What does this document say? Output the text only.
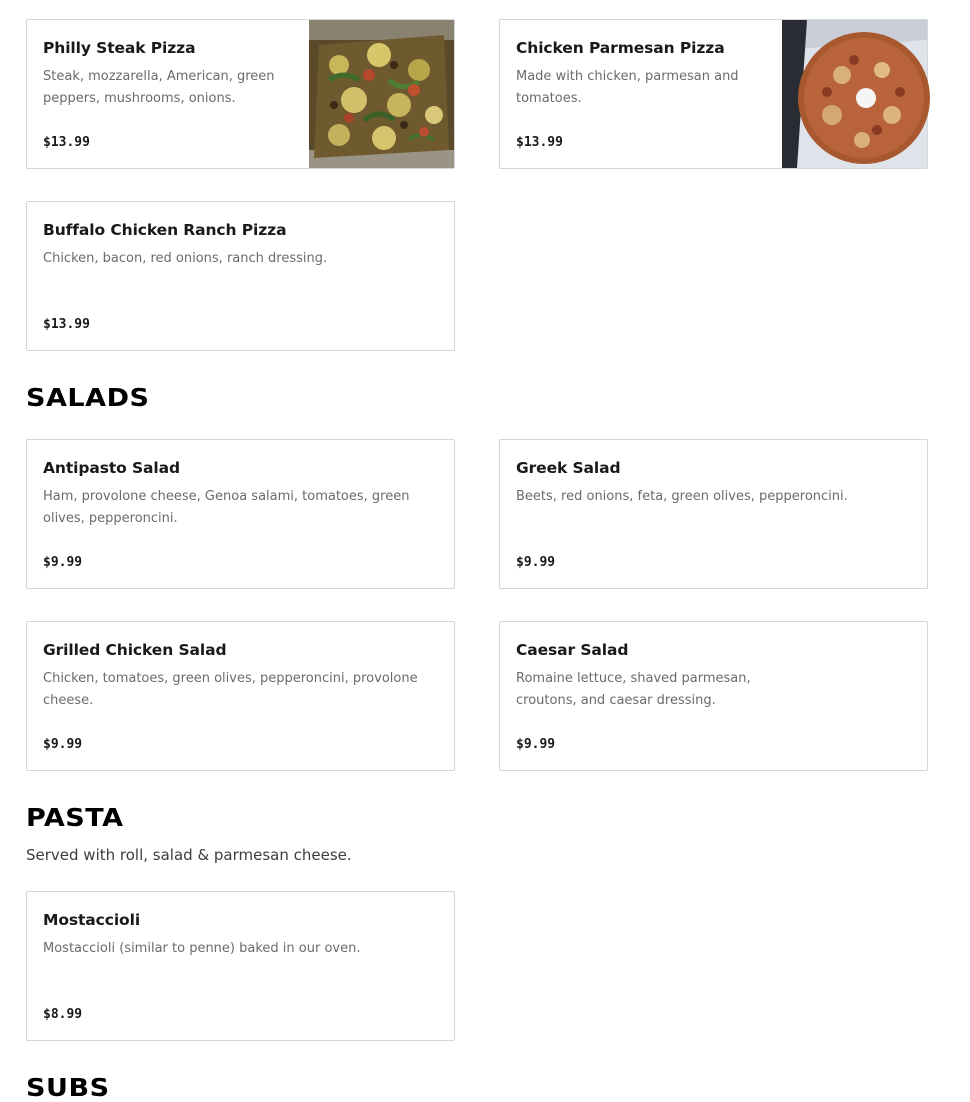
Philly Steak Pizza
Steak, mozzarella, American, green peppers, mushrooms, onions.
$13.99
Chicken Parmesan Pizza
Made with chicken, parmesan and tomatoes.
$13.99
Buffalo Chicken Ranch Pizza
Chicken, bacon, red onions, ranch dressing.
$13.99
SALADS
Antipasto Salad
Ham, provolone cheese, Genoa salami, tomatoes, green olives, pepperoncini.
$9.99
Greek Salad
Beets, red onions, feta, green olives, pepperoncini.
$9.99
Grilled Chicken Salad
Chicken, tomatoes, green olives, pepperoncini, provolone cheese.
$9.99
Caesar Salad
Romaine lettuce, shaved parmesan, croutons, and caesar dressing.
$9.99
PASTA
Served with roll, salad & parmesan cheese.
Mostaccioli
Mostaccioli (similar to penne) baked in our oven.
$8.99
SUBS
